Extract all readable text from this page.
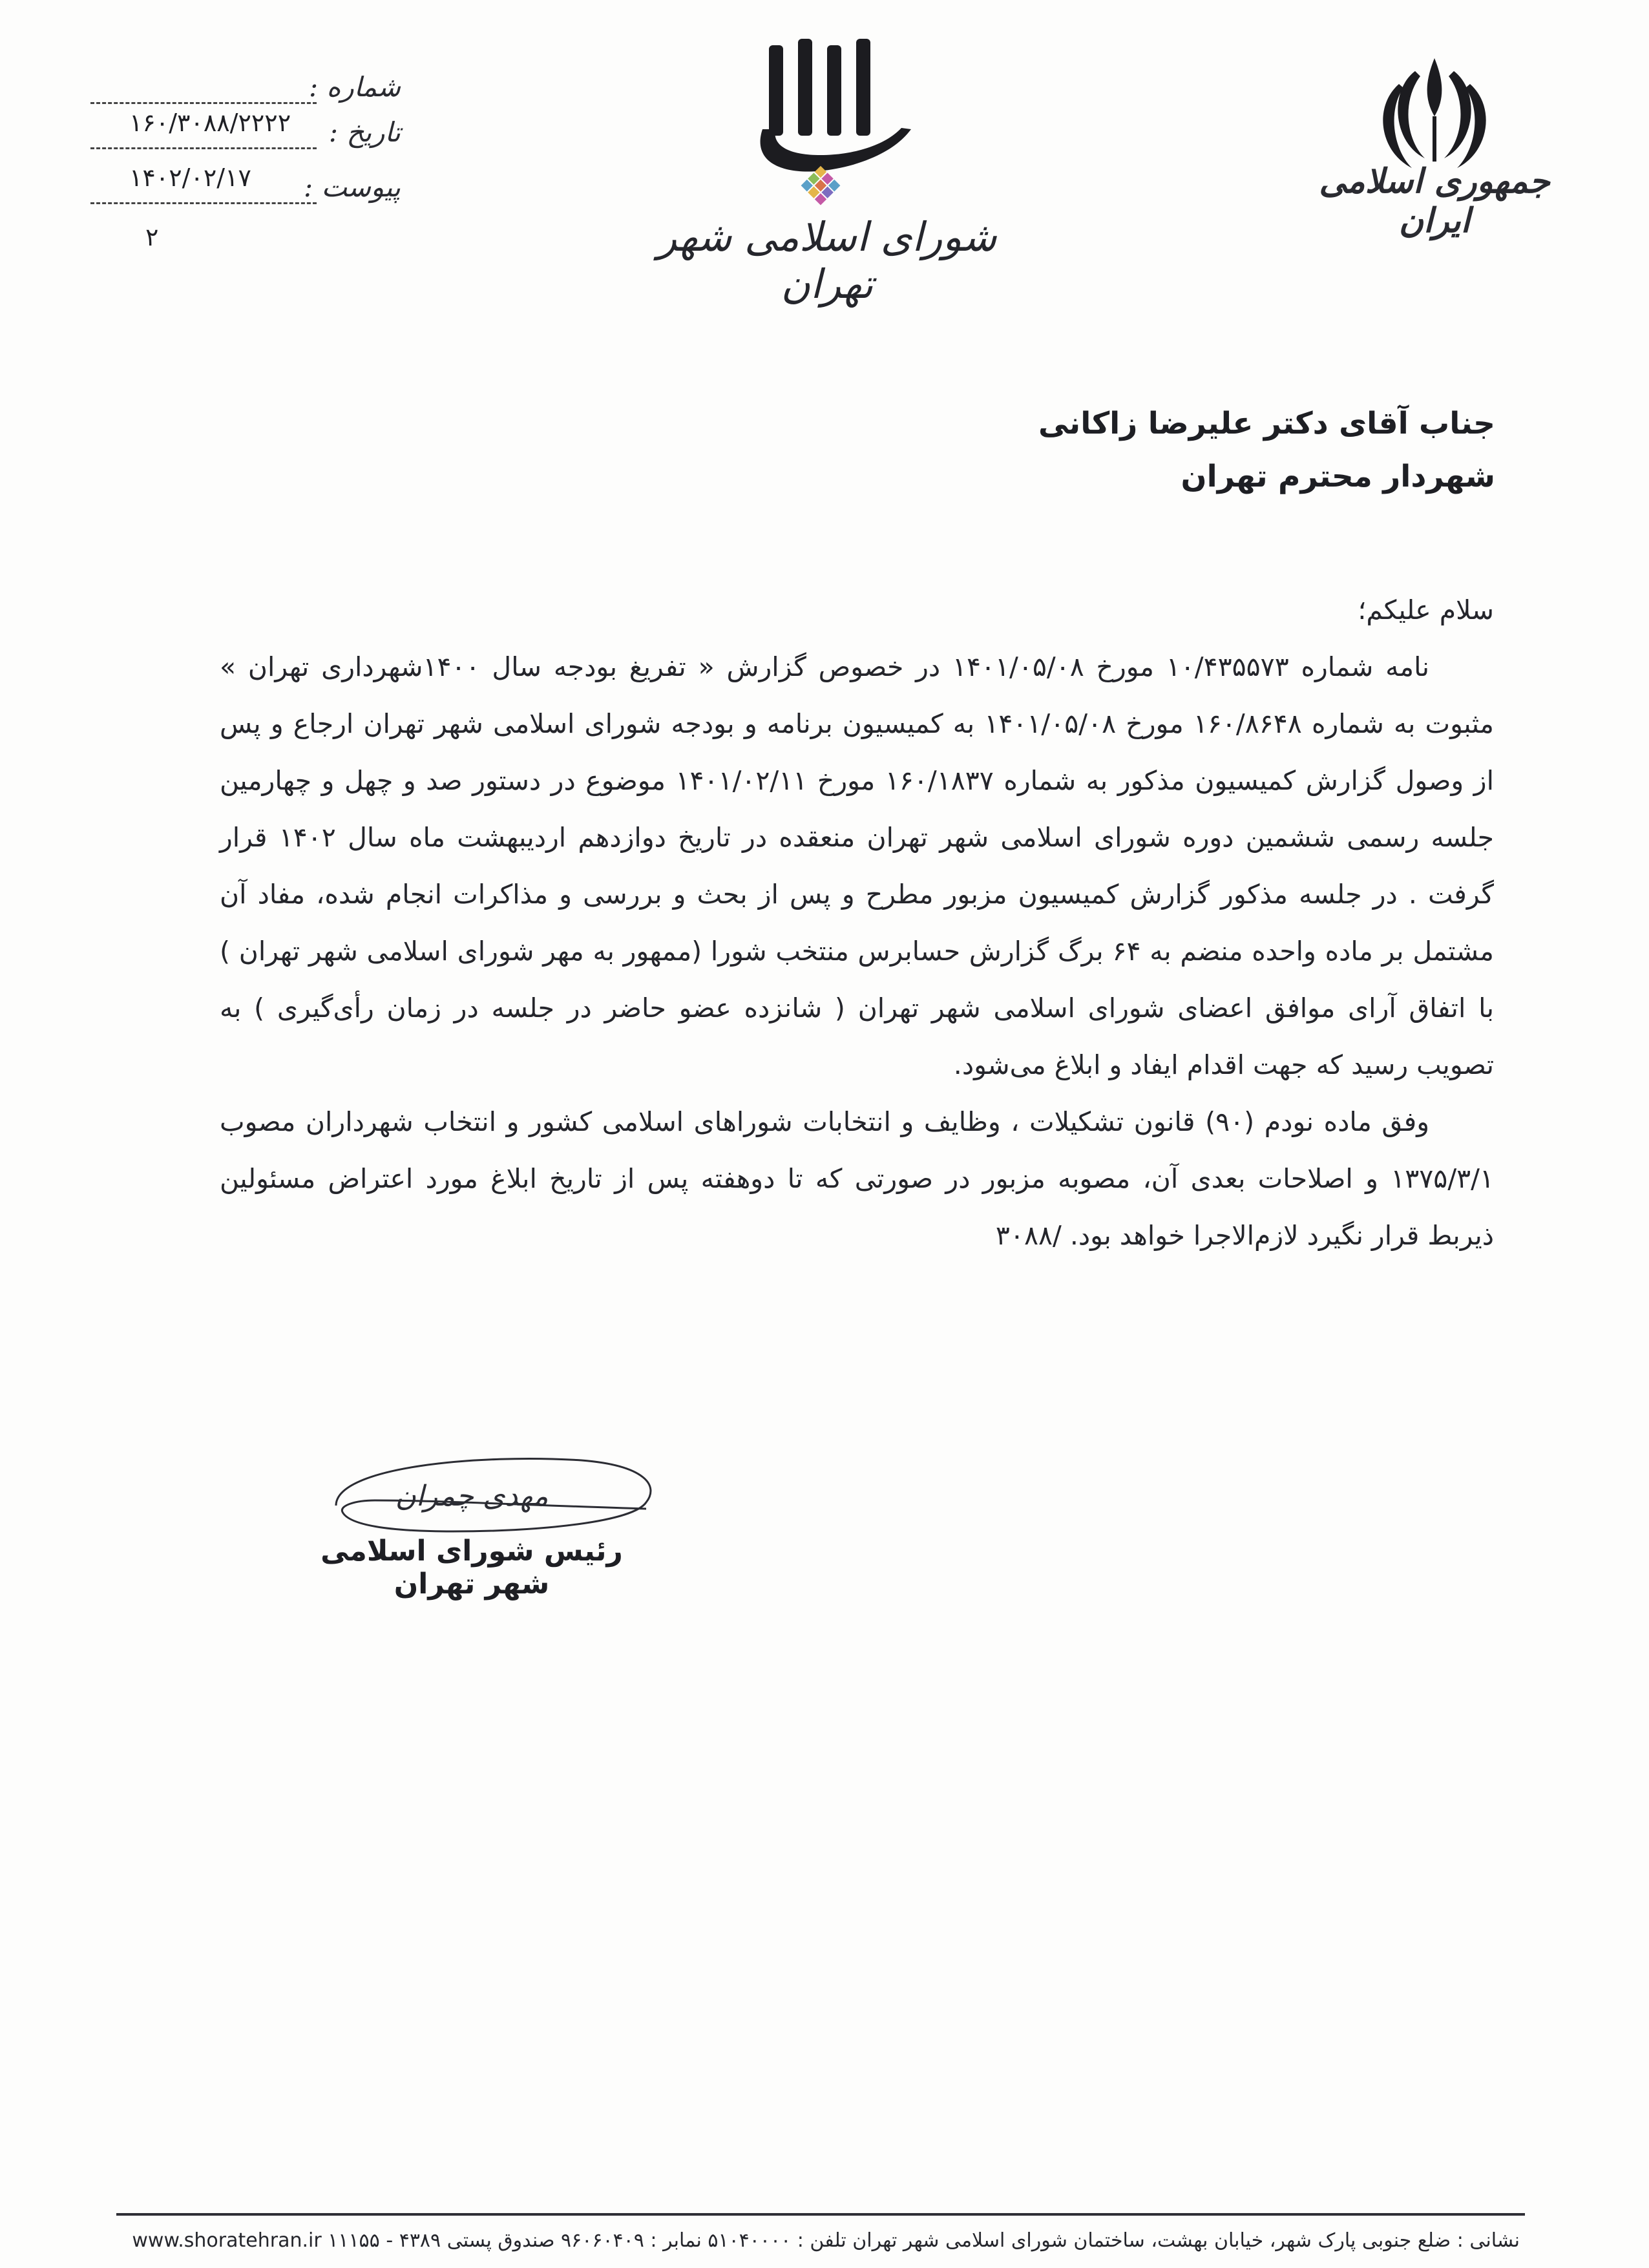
جمهوری اسلامی ایران
شورای اسلامی شهر تهران
شماره :
تاریخ :
۱۶۰/۳۰۸۸/۲۲۲۲
پیوست :
۱۴۰۲/۰۲/۱۷
۲
جناب آقای دکتر علیرضا زاکانی
شهردار محترم تهران

سلام علیکم؛

نامه شماره ۱۰/۴۳۵۵۷۳ مورخ ۱۴۰۱/۰۵/۰۸ در خصوص گزارش « تفریغ بودجه سال ۱۴۰۰شهرداری تهران » مثبوت به شماره ۱۶۰/۸۶۴۸ مورخ ۱۴۰۱/۰۵/۰۸ به کمیسیون برنامه و بودجه شورای اسلامی شهر تهران ارجاع و پس از وصول گزارش کمیسیون مذکور به شماره ۱۶۰/۱۸۳۷ مورخ ۱۴۰۱/۰۲/۱۱ موضوع در دستور صد و چهل و چهارمین جلسه رسمی ششمین دوره شورای اسلامی شهر تهران منعقده در تاریخ دوازدهم اردیبهشت ماه سال ۱۴۰۲ قرار گرفت . در جلسه مذکور گزارش کمیسیون مزبور مطرح و پس از بحث و بررسی و مذاکرات انجام شده، مفاد آن مشتمل بر ماده واحده منضم به ۶۴ برگ گزارش حسابرس منتخب شورا (ممهور به مهر شورای اسلامی شهر تهران ) با اتفاق آرای موافق اعضای شورای اسلامی شهر تهران ( شانزده عضو حاضر در جلسه در زمان رأی‌گیری ) به تصویب رسید که جهت اقدام ایفاد و ابلاغ می‌شود.

وفق ماده نودم (۹۰) قانون تشکیلات ، وظایف و انتخابات شوراهای اسلامی کشور و انتخاب شهرداران مصوب ۱۳۷۵/۳/۱ و اصلاحات بعدی آن، مصوبه مزبور در صورتی که تا دوهفته پس از تاریخ ابلاغ مورد اعتراض مسئولین ذیربط قرار نگیرد لازم‌الاجرا خواهد بود. /۳۰۸۸

مهدی چمران
رئیس شورای اسلامی شهر تهران
نشانی : ضلع جنوبی پارک شهر، خیابان بهشت، ساختمان شورای اسلامی شهر تهران تلفن : ۵۱۰۴۰۰۰۰ نمابر : ۹۶۰۶۰۴۰۹ صندوق پستی ۴۳۸۹ - ۱۱۱۵۵ www.shoratehran.ir
